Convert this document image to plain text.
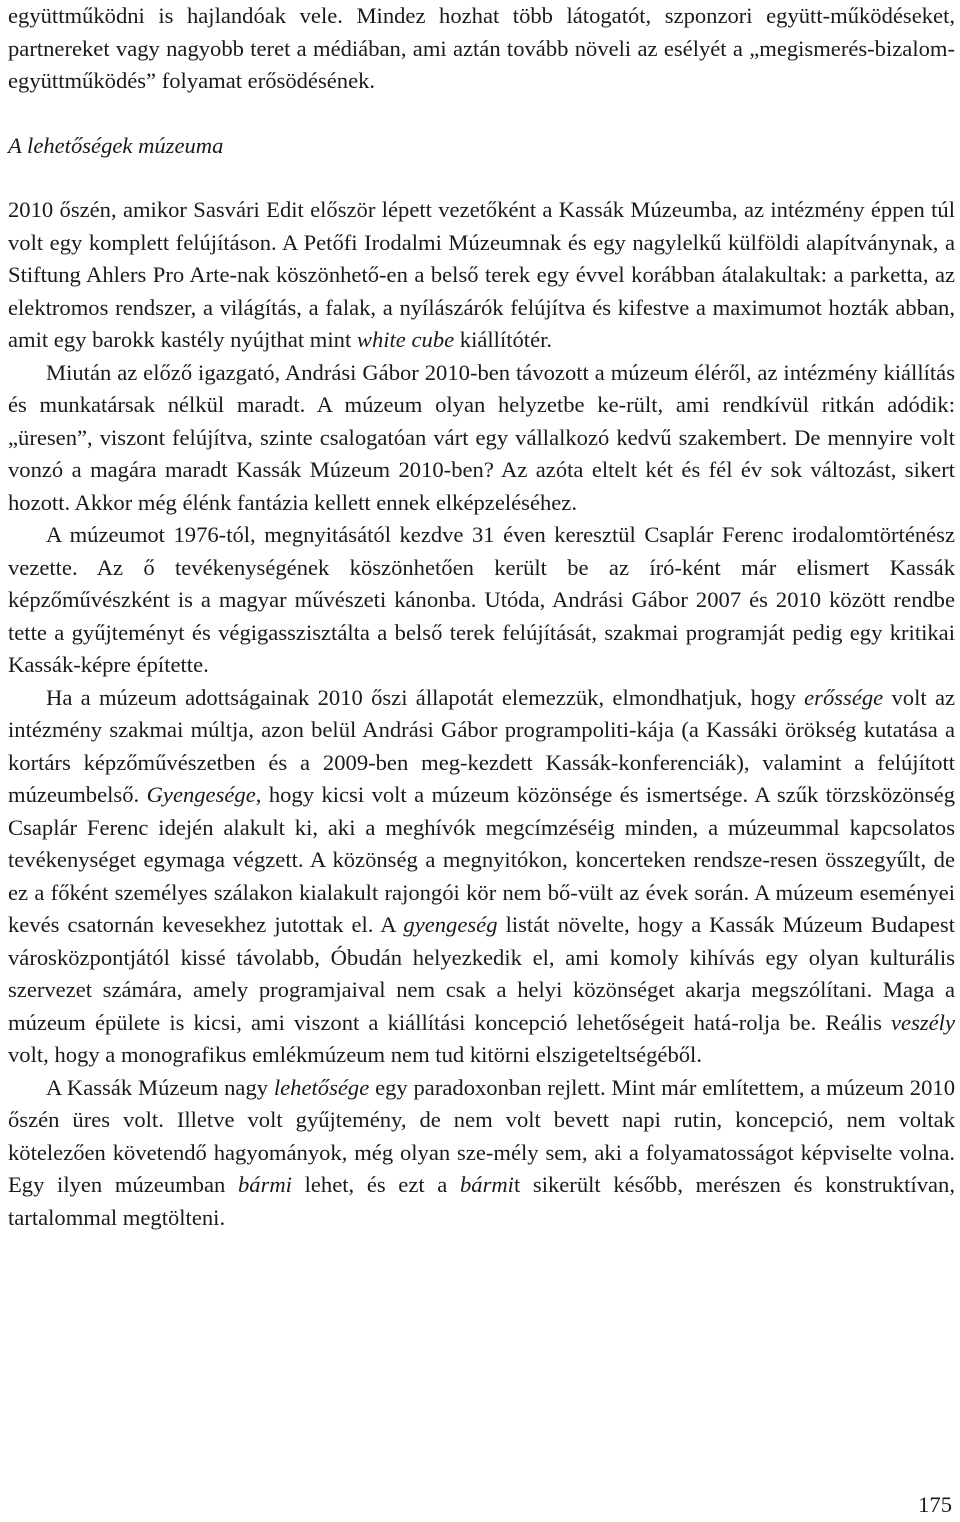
együttműködni is hajlandóak vele. Mindez hozhat több látogatót, szponzori együtt-működéseket, partnereket vagy nagyobb teret a médiában, ami aztán tovább növeli az esélyét a „megismerés-bizalom-együttműködés” folyamat erősödésének.

A lehetőségek múzeuma

2010 őszén, amikor Sasvári Edit először lépett vezetőként a Kassák Múzeumba, az intézmény éppen túl volt egy komplett felújításon. A Petőfi Irodalmi Múzeumnak és egy nagylelkű külföldi alapítványnak, a Stiftung Ahlers Pro Arte-nak köszönhető-en a belső terek egy évvel korábban átalakultak: a parketta, az elektromos rendszer, a világítás, a falak, a nyílászárók felújítva és kifestve a maximumot hozták abban, amit egy barokk kastély nyújthat mint white cube kiállítótér.

Miután az előző igazgató, Andrási Gábor 2010-ben távozott a múzeum éléről, az intézmény kiállítás és munkatársak nélkül maradt. A múzeum olyan helyzetbe ke-rült, ami rendkívül ritkán adódik: „üresen”, viszont felújítva, szinte csalogatóan várt egy vállalkozó kedvű szakembert. De mennyire volt vonzó a magára maradt Kassák Múzeum 2010-ben? Az azóta eltelt két és fél év sok változást, sikert hozott. Akkor még élénk fantázia kellett ennek elképzeléséhez.

A múzeumot 1976-tól, megnyitásától kezdve 31 éven keresztül Csaplár Ferenc irodalomtörténész vezette. Az ő tevékenységének köszönhetően került be az író-ként már elismert Kassák képzőművészként is a magyar művészeti kánonba. Utóda, Andrási Gábor 2007 és 2010 között rendbe tette a gyűjteményt és végigasszisztálta a belső terek felújítását, szakmai programját pedig egy kritikai Kassák-képre építette.

Ha a múzeum adottságainak 2010 őszi állapotát elemezzük, elmondhatjuk, hogy erőssége volt az intézmény szakmai múltja, azon belül Andrási Gábor programpoliti-kája (a Kassáki örökség kutatása a kortárs képzőművészetben és a 2009-ben meg-kezdett Kassák-konferenciák), valamint a felújított múzeumbelső. Gyengesége, hogy kicsi volt a múzeum közönsége és ismertsége. A szűk törzsközönség Csaplár Ferenc idején alakult ki, aki a meghívók megcímzéséig minden, a múzeummal kapcsolatos tevékenységet egymaga végzett. A közönség a megnyitókon, koncerteken rendsze-resen összegyűlt, de ez a főként személyes szálakon kialakult rajongói kör nem bő-vült az évek során. A múzeum eseményei kevés csatornán kevesekhez jutottak el. A gyengeség listát növelte, hogy a Kassák Múzeum Budapest városközpontjától kissé távolabb, Óbudán helyezkedik el, ami komoly kihívás egy olyan kulturális szervezet számára, amely programjaival nem csak a helyi közönséget akarja megszólítani. Maga a múzeum épülete is kicsi, ami viszont a kiállítási koncepció lehetőségeit hatá-rolja be. Reális veszély volt, hogy a monografikus emlékmúzeum nem tud kitörni elszigeteltségéből.

A Kassák Múzeum nagy lehetősége egy paradoxonban rejlett. Mint már említettem, a múzeum 2010 őszén üres volt. Illetve volt gyűjtemény, de nem volt bevett napi rutin, koncepció, nem voltak kötelezően követendő hagyományok, még olyan sze-mély sem, aki a folyamatosságot képviselte volna. Egy ilyen múzeumban bármi lehet, és ezt a bármit sikerült később, merészen és konstruktívan, tartalommal megtölteni.

175
